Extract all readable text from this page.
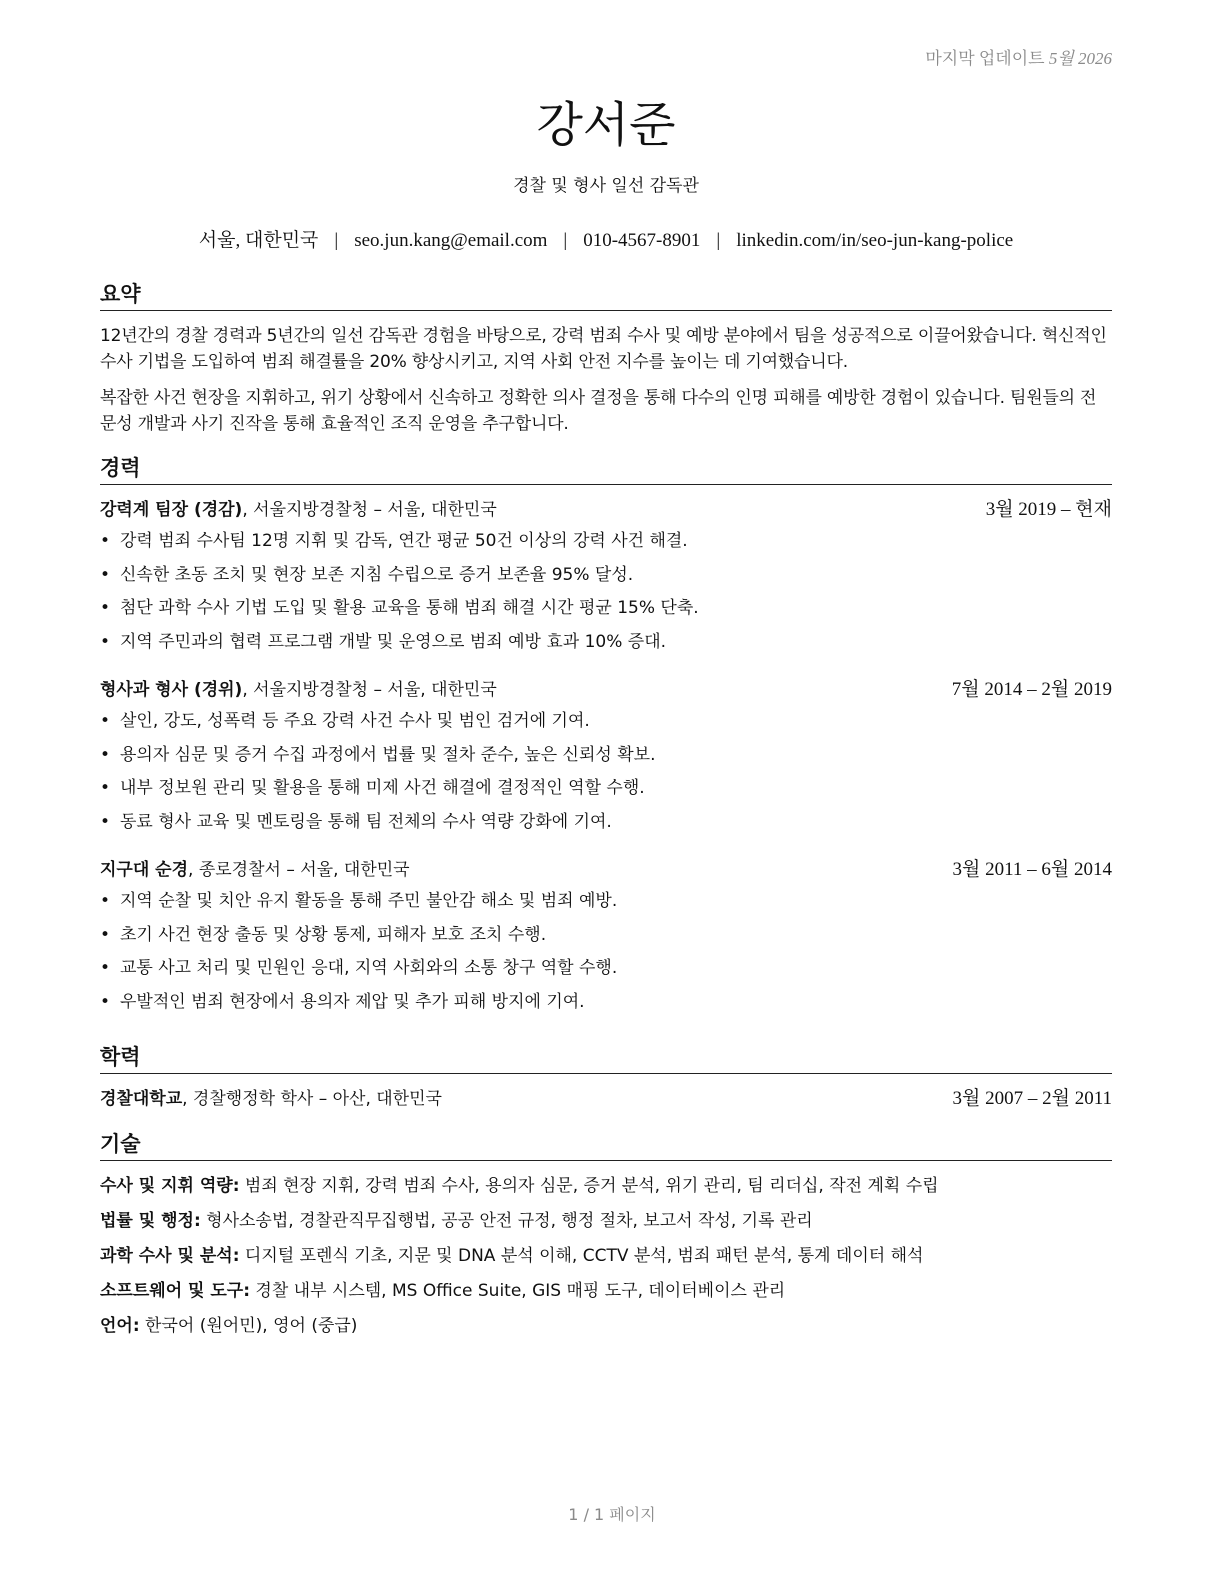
마지막 업데이트 5월 2026
강서준
경찰 및 형사 일선 감독관
서울, 대한민국 | seo.jun.kang@email.com | 010-4567-8901 | linkedin.com/in/seo-jun-kang-police
요약

12년간의 경찰 경력과 5년간의 일선 감독관 경험을 바탕으로, 강력 범죄 수사 및 예방 분야에서 팀을 성공적으로 이끌어왔습니다. 혁신적인 수사 기법을 도입하여 범죄 해결률을 20% 향상시키고, 지역 사회 안전 지수를 높이는 데 기여했습니다.

복잡한 사건 현장을 지휘하고, 위기 상황에서 신속하고 정확한 의사 결정을 통해 다수의 인명 피해를 예방한 경험이 있습니다. 팀원들의 전문성 개발과 사기 진작을 통해 효율적인 조직 운영을 추구합니다.

경력
강력계 팀장 (경감), 서울지방경찰청 – 서울, 대한민국	3월 2019 – 현재
• 강력 범죄 수사팀 12명 지휘 및 감독, 연간 평균 50건 이상의 강력 사건 해결.
• 신속한 초동 조치 및 현장 보존 지침 수립으로 증거 보존율 95% 달성.
• 첨단 과학 수사 기법 도입 및 활용 교육을 통해 범죄 해결 시간 평균 15% 단축.
• 지역 주민과의 협력 프로그램 개발 및 운영으로 범죄 예방 효과 10% 증대.
형사과 형사 (경위), 서울지방경찰청 – 서울, 대한민국	7월 2014 – 2월 2019
• 살인, 강도, 성폭력 등 주요 강력 사건 수사 및 범인 검거에 기여.
• 용의자 심문 및 증거 수집 과정에서 법률 및 절차 준수, 높은 신뢰성 확보.
• 내부 정보원 관리 및 활용을 통해 미제 사건 해결에 결정적인 역할 수행.
• 동료 형사 교육 및 멘토링을 통해 팀 전체의 수사 역량 강화에 기여.
지구대 순경, 종로경찰서 – 서울, 대한민국	3월 2011 – 6월 2014
• 지역 순찰 및 치안 유지 활동을 통해 주민 불안감 해소 및 범죄 예방.
• 초기 사건 현장 출동 및 상황 통제, 피해자 보호 조치 수행.
• 교통 사고 처리 및 민원인 응대, 지역 사회와의 소통 창구 역할 수행.
• 우발적인 범죄 현장에서 용의자 제압 및 추가 피해 방지에 기여.
학력
경찰대학교, 경찰행정학 학사 – 아산, 대한민국	3월 2007 – 2월 2011
기술
수사 및 지휘 역량: 범죄 현장 지휘, 강력 범죄 수사, 용의자 심문, 증거 분석, 위기 관리, 팀 리더십, 작전 계획 수립
법률 및 행정: 형사소송법, 경찰관직무집행법, 공공 안전 규정, 행정 절차, 보고서 작성, 기록 관리
과학 수사 및 분석: 디지털 포렌식 기초, 지문 및 DNA 분석 이해, CCTV 분석, 범죄 패턴 분석, 통계 데이터 해석
소프트웨어 및 도구: 경찰 내부 시스템, MS Office Suite, GIS 매핑 도구, 데이터베이스 관리
언어: 한국어 (원어민), 영어 (중급)
1 / 1 페이지
